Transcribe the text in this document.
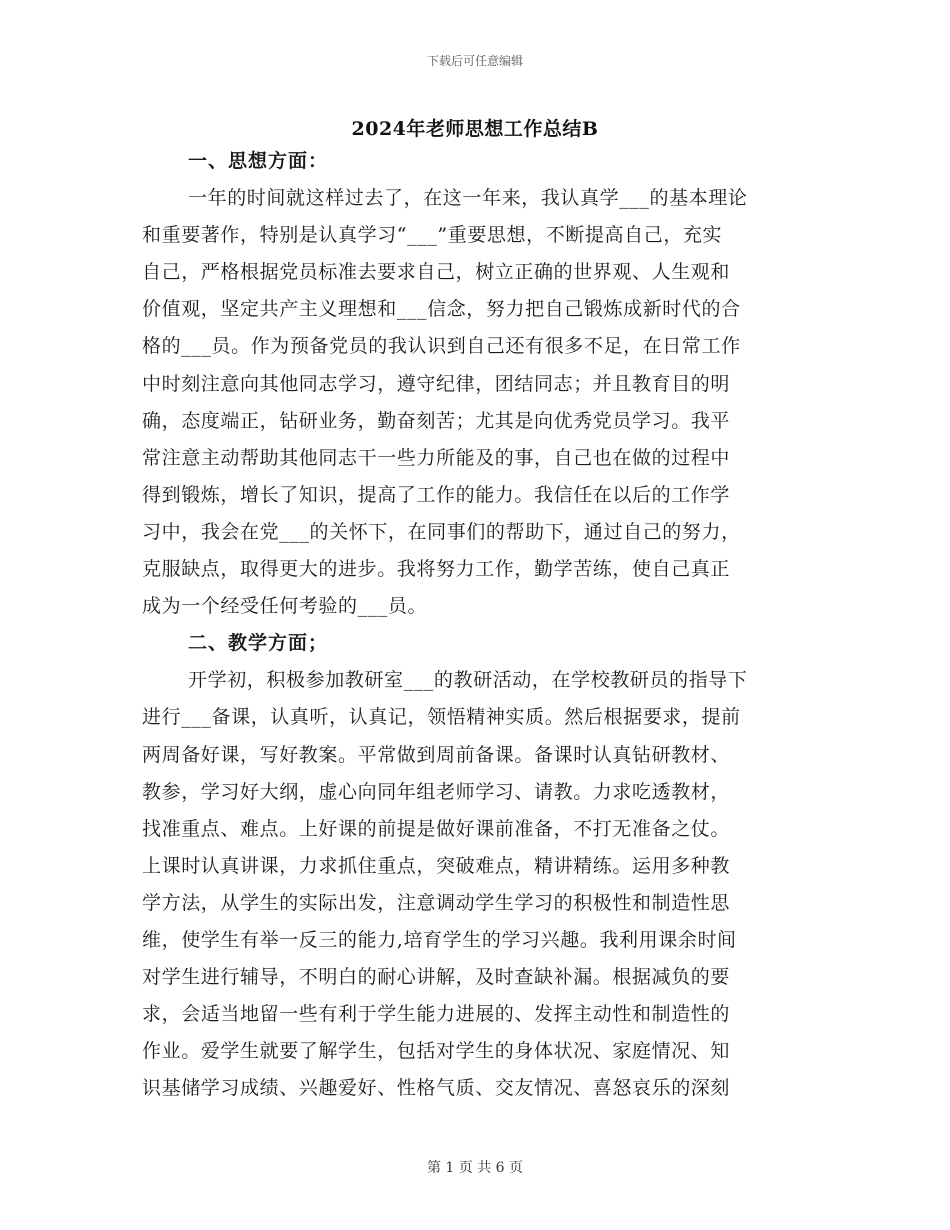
下载后可任意编辑
2024年老师思想工作总结B
一、思想方面：
一年的时间就这样过去了，在这一年来，我认真学___的基本理论
和重要著作，特别是认真学习“___”重要思想，不断提高自己，充实
自己，严格根据党员标准去要求自己，树立正确的世界观、人生观和
价值观，坚定共产主义理想和___信念，努力把自己锻炼成新时代的合
格的___员。作为预备党员的我认识到自己还有很多不足，在日常工作
中时刻注意向其他同志学习，遵守纪律，团结同志；并且教育目的明
确，态度端正，钻研业务，勤奋刻苦；尤其是向优秀党员学习。我平
常注意主动帮助其他同志干一些力所能及的事，自己也在做的过程中
得到锻炼，增长了知识，提高了工作的能力。我信任在以后的工作学
习中，我会在党___的关怀下，在同事们的帮助下，通过自己的努力，
克服缺点，取得更大的进步。我将努力工作，勤学苦练，使自己真正
成为一个经受任何考验的___员。
二、教学方面；
开学初，积极参加教研室___的教研活动，在学校教研员的指导下
进行___备课，认真听，认真记，领悟精神实质。然后根据要求，提前
两周备好课，写好教案。平常做到周前备课。备课时认真钻研教材、
教参，学习好大纲，虚心向同年组老师学习、请教。力求吃透教材，
找准重点、难点。上好课的前提是做好课前准备，不打无准备之仗。
上课时认真讲课，力求抓住重点，突破难点，精讲精练。运用多种教
学方法，从学生的实际出发，注意调动学生学习的积极性和制造性思
维，使学生有举一反三的能力,培育学生的学习兴趣。我利用课余时间
对学生进行辅导，不明白的耐心讲解，及时查缺补漏。根据减负的要
求，会适当地留一些有利于学生能力进展的、发挥主动性和制造性的
作业。爱学生就要了解学生，包括对学生的身体状况、家庭情况、知
识基储学习成绩、兴趣爱好、性格气质、交友情况、喜怒哀乐的深刻
第 1 页 共 6 页
